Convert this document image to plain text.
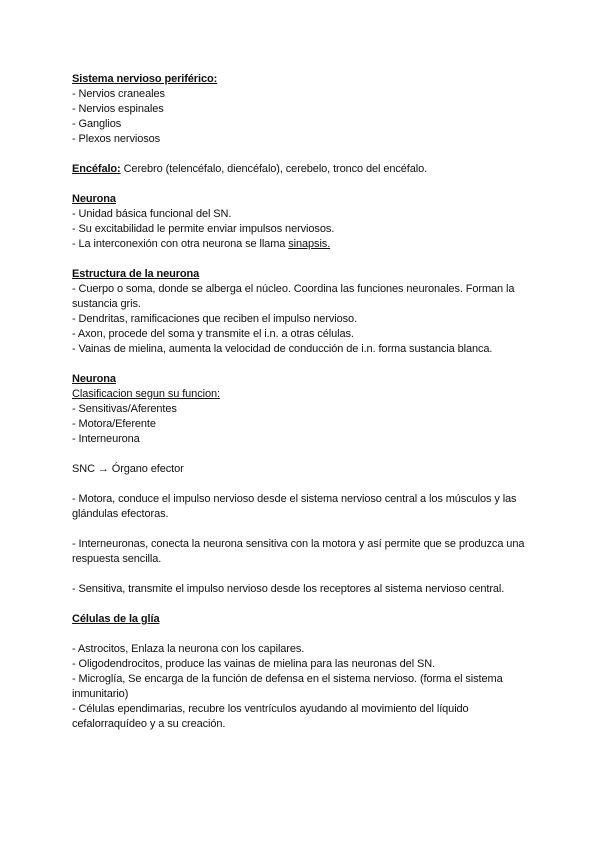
Sistema nervioso periférico:

- Nervios craneales

- Nervios espinales

- Ganglios

- Plexos nerviosos

Encéfalo: Cerebro (telencéfalo, diencéfalo), cerebelo, tronco del encéfalo.

Neurona

- Unidad básica funcional del SN.

- Su excitabilidad le permite enviar impulsos nerviosos.

- La interconexión con otra neurona se llama sinapsis.

Estructura de la neurona

- Cuerpo o soma, donde se alberga el núcleo. Coordina las funciones neuronales. Forman la sustancia gris.

- Dendritas, ramificaciones que reciben el impulso nervioso.

- Axon, procede del soma y transmite el i.n. a otras células.

- Vainas de mielina, aumenta la velocidad de conducción de i.n. forma sustancia blanca.

Neurona

Clasificacion segun su funcion:

- Sensitivas/Aferentes

- Motora/Eferente

- Interneurona

SNC → Órgano efector

- Motora, conduce el impulso nervioso desde el sistema nervioso central a los músculos y las glándulas efectoras.

- Interneuronas, conecta la neurona sensitiva con la motora y así permite que se produzca una respuesta sencilla.

- Sensitiva, transmite el impulso nervioso desde los receptores al sistema nervioso central.

Células de la glía

- Astrocitos, Enlaza la neurona con los capilares.

- Oligodendrocitos, produce las vainas de mielina para las neuronas del SN.

- Microglía, Se encarga de la función de defensa en el sistema nervioso. (forma el sistema inmunitario)

- Células ependimarias, recubre los ventrículos ayudando al movimiento del líquido cefalorraquídeo y a su creación.
